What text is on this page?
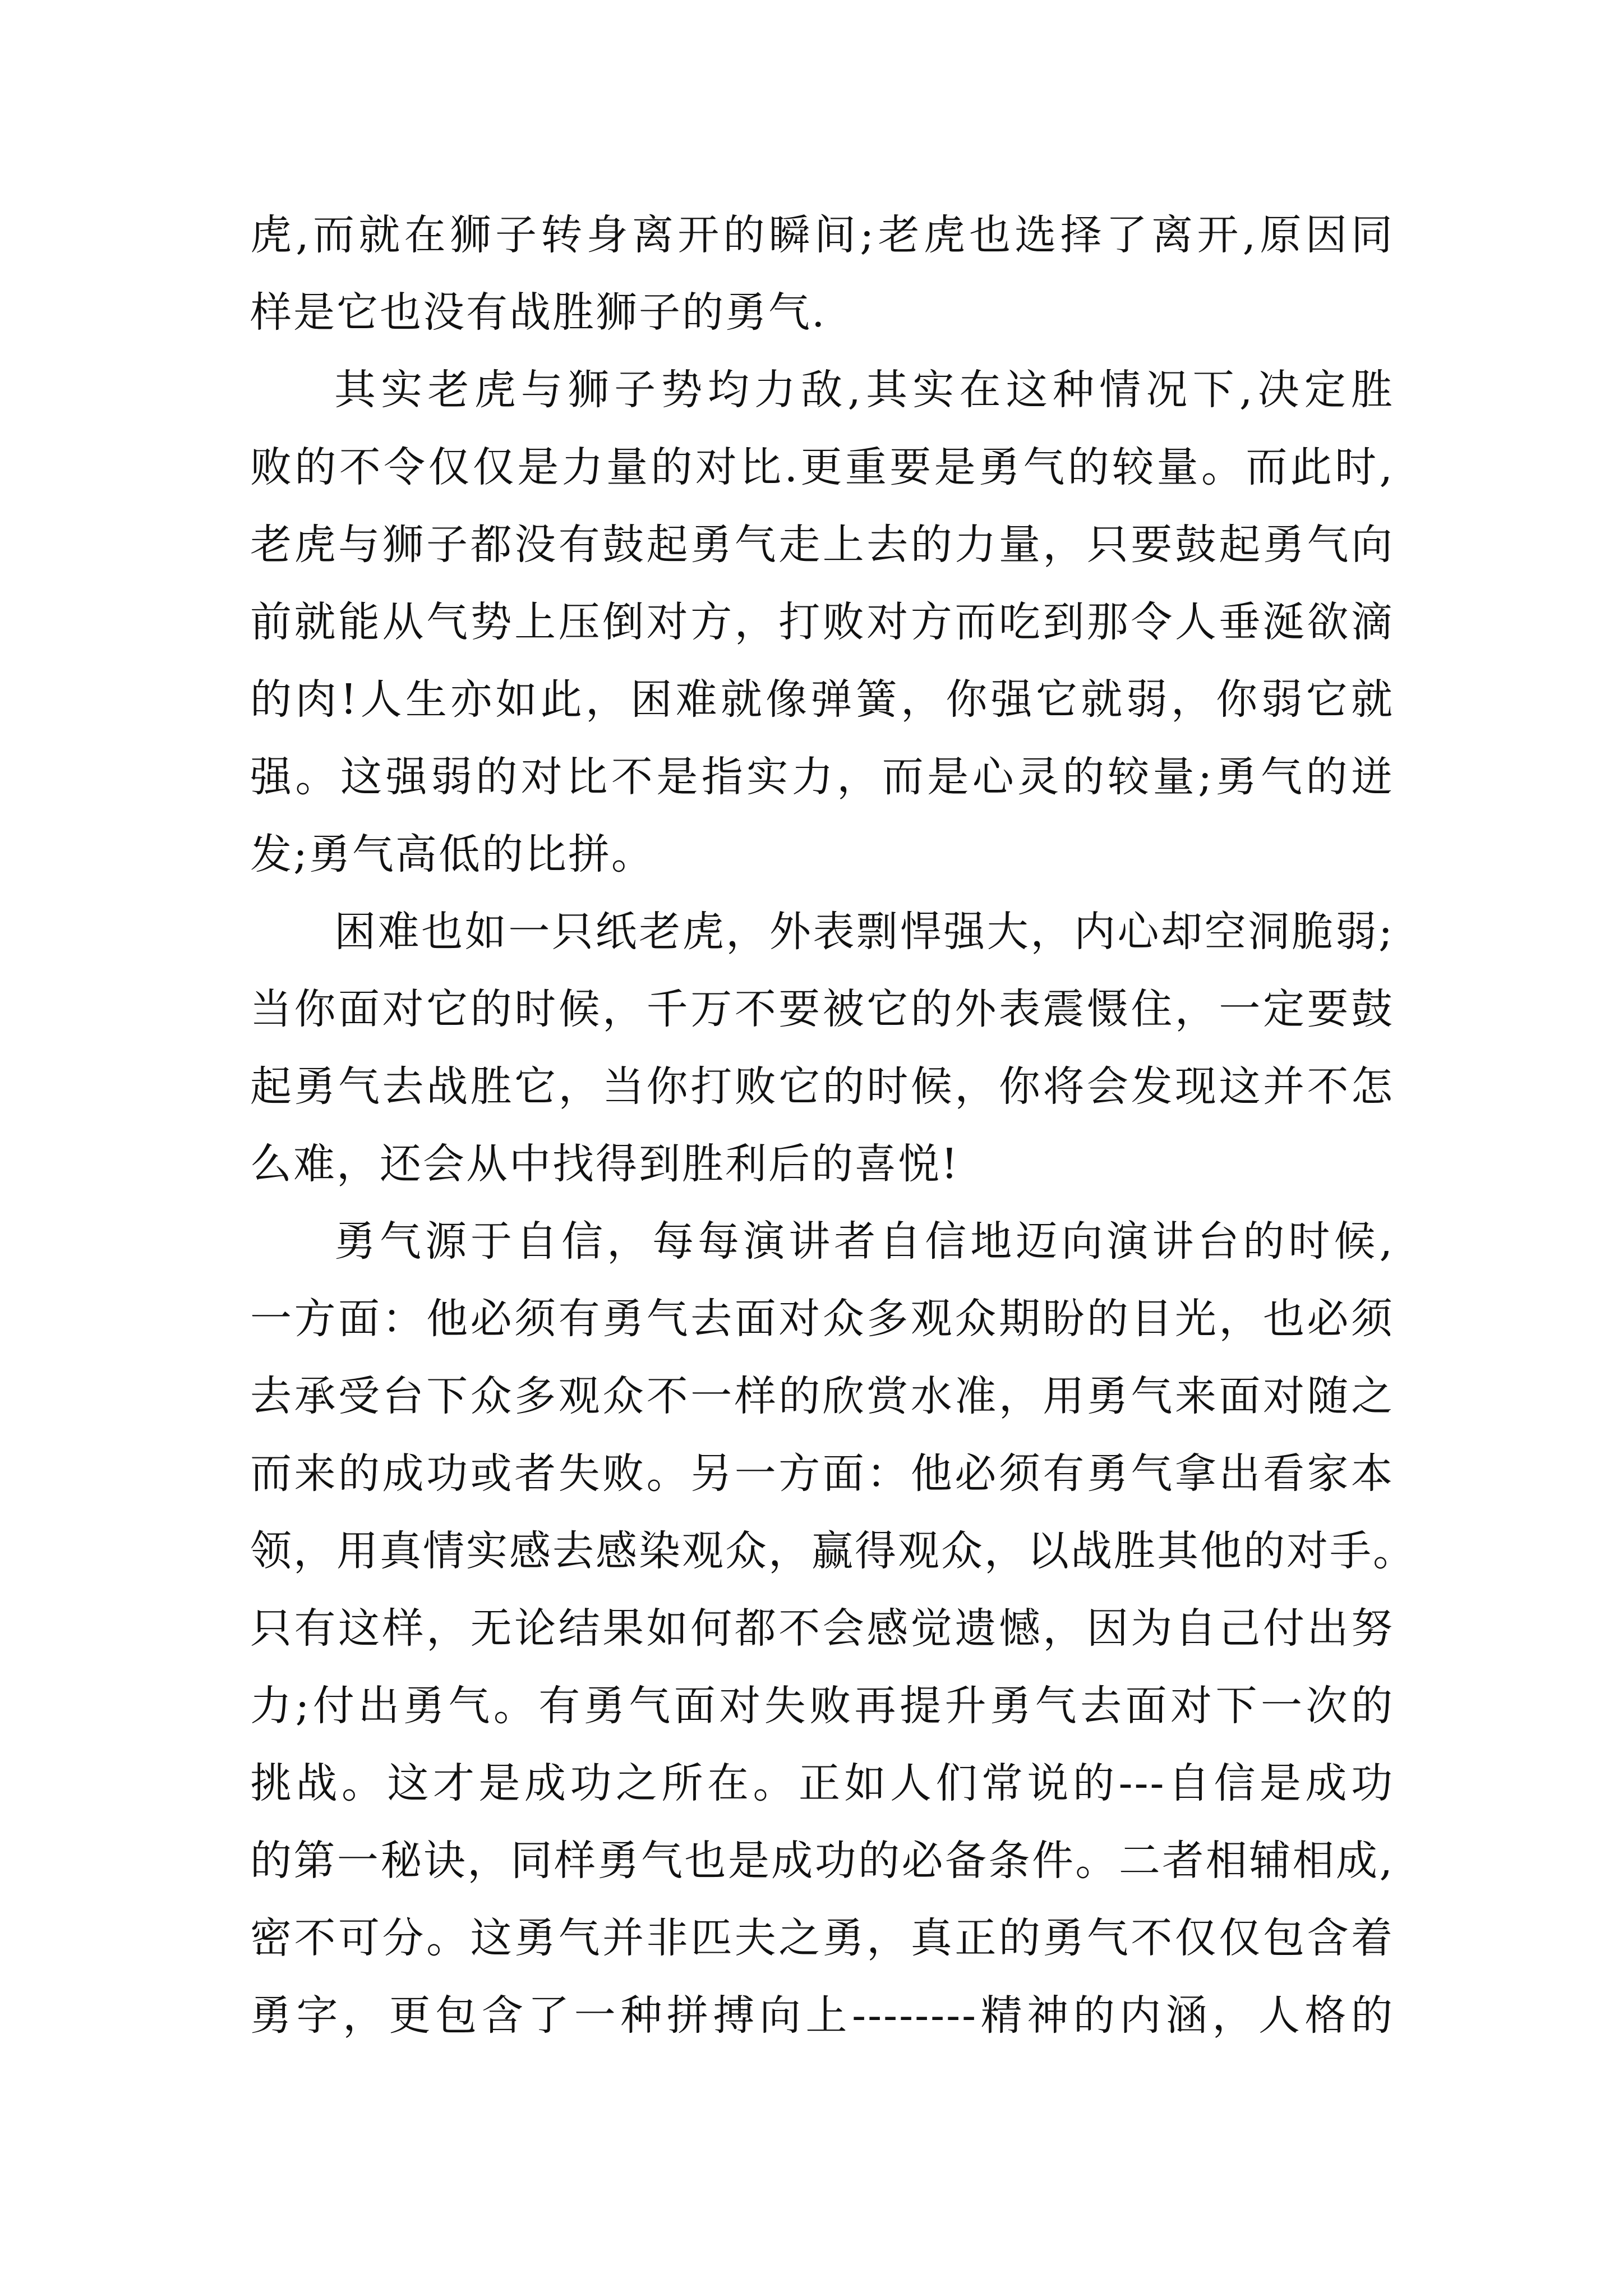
虎,而就在狮子转身离开的瞬间;老虎也选择了离开,原因同
样是它也没有战胜狮子的勇气.
其实老虎与狮子势均力敌,其实在这种情况下,决定胜
败的不令仅仅是力量的对比.更重要是勇气的较量。而此时,
老虎与狮子都没有鼓起勇气走上去的力量，只要鼓起勇气向
前就能从气势上压倒对方，打败对方而吃到那令人垂涎欲滴
的肉!人生亦如此，困难就像弹簧，你强它就弱，你弱它就
强。这强弱的对比不是指实力，而是心灵的较量;勇气的迸
发;勇气高低的比拼。
困难也如一只纸老虎，外表剽悍强大，内心却空洞脆弱;
当你面对它的时候，千万不要被它的外表震慑住，一定要鼓
起勇气去战胜它，当你打败它的时候，你将会发现这并不怎
么难，还会从中找得到胜利后的喜悦!
勇气源于自信，每每演讲者自信地迈向演讲台的时候,
一方面：他必须有勇气去面对众多观众期盼的目光，也必须
去承受台下众多观众不一样的欣赏水准，用勇气来面对随之
而来的成功或者失败。另一方面：他必须有勇气拿出看家本
领，用真情实感去感染观众，赢得观众，以战胜其他的对手。
只有这样，无论结果如何都不会感觉遗憾，因为自己付出努
力;付出勇气。有勇气面对失败再提升勇气去面对下一次的
挑战。这才是成功之所在。正如人们常说的---自信是成功
的第一秘诀，同样勇气也是成功的必备条件。二者相辅相成,
密不可分。这勇气并非匹夫之勇，真正的勇气不仅仅包含着
勇字，更包含了一种拼搏向上--------精神的内涵，人格的
